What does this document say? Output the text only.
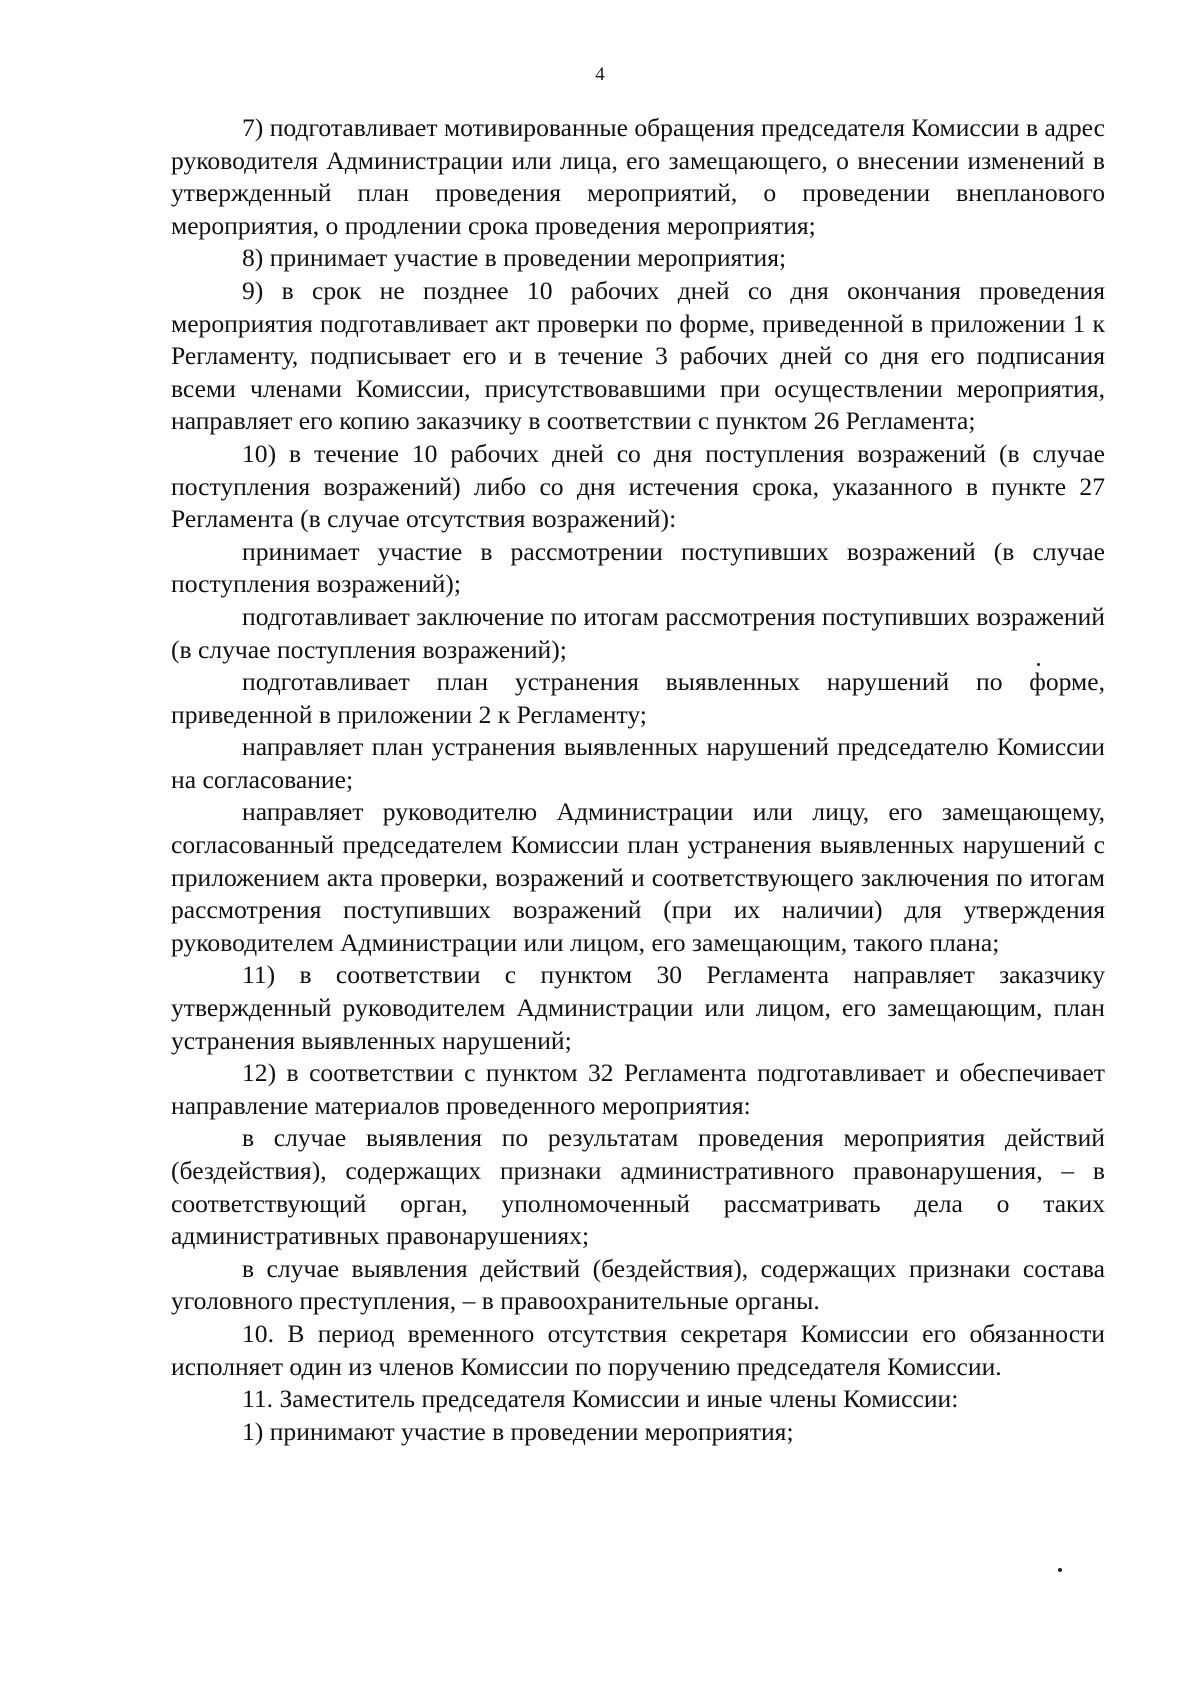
4

7) подготавливает мотивированные обращения председателя Комиссии в адрес руководителя Администрации или лица, его замещающего, о внесении изменений в утвержденный план проведения мероприятий, о проведении внепланового мероприятия, о продлении срока проведения мероприятия;

8) принимает участие в проведении мероприятия;

9) в срок не позднее 10 рабочих дней со дня окончания проведения мероприятия подготавливает акт проверки по форме, приведенной в приложении 1 к Регламенту, подписывает его и в течение 3 рабочих дней со дня его подписания всеми членами Комиссии, присутствовавшими при осуществлении мероприятия, направляет его копию заказчику в соответствии с пунктом 26 Регламента;

10) в течение 10 рабочих дней со дня поступления возражений (в случае поступления возражений) либо со дня истечения срока, указанного в пункте 27 Регламента (в случае отсутствия возражений):

принимает участие в рассмотрении поступивших возражений (в случае поступления возражений);

подготавливает заключение по итогам рассмотрения поступивших возражений (в случае поступления возражений);

подготавливает план устранения выявленных нарушений по форме, приведенной в приложении 2 к Регламенту;

направляет план устранения выявленных нарушений председателю Комиссии на согласование;

направляет руководителю Администрации или лицу, его замещающему, согласованный председателем Комиссии план устранения выявленных нарушений с приложением акта проверки, возражений и соответствующего заключения по итогам рассмотрения поступивших возражений (при их наличии) для утверждения руководителем Администрации или лицом, его замещающим, такого плана;

11) в соответствии с пунктом 30 Регламента направляет заказчику утвержденный руководителем Администрации или лицом, его замещающим, план устранения выявленных нарушений;

12) в соответствии с пунктом 32 Регламента подготавливает и обеспечивает направление материалов проведенного мероприятия:

в случае выявления по результатам проведения мероприятия действий (бездействия), содержащих признаки административного правонарушения, – в соответствующий орган, уполномоченный рассматривать дела о таких административных правонарушениях;

в случае выявления действий (бездействия), содержащих признаки состава уголовного преступления, – в правоохранительные органы.

10. В период временного отсутствия секретаря Комиссии его обязанности исполняет один из членов Комиссии по поручению председателя Комиссии.

11. Заместитель председателя Комиссии и иные члены Комиссии:

1) принимают участие в проведении мероприятия;
